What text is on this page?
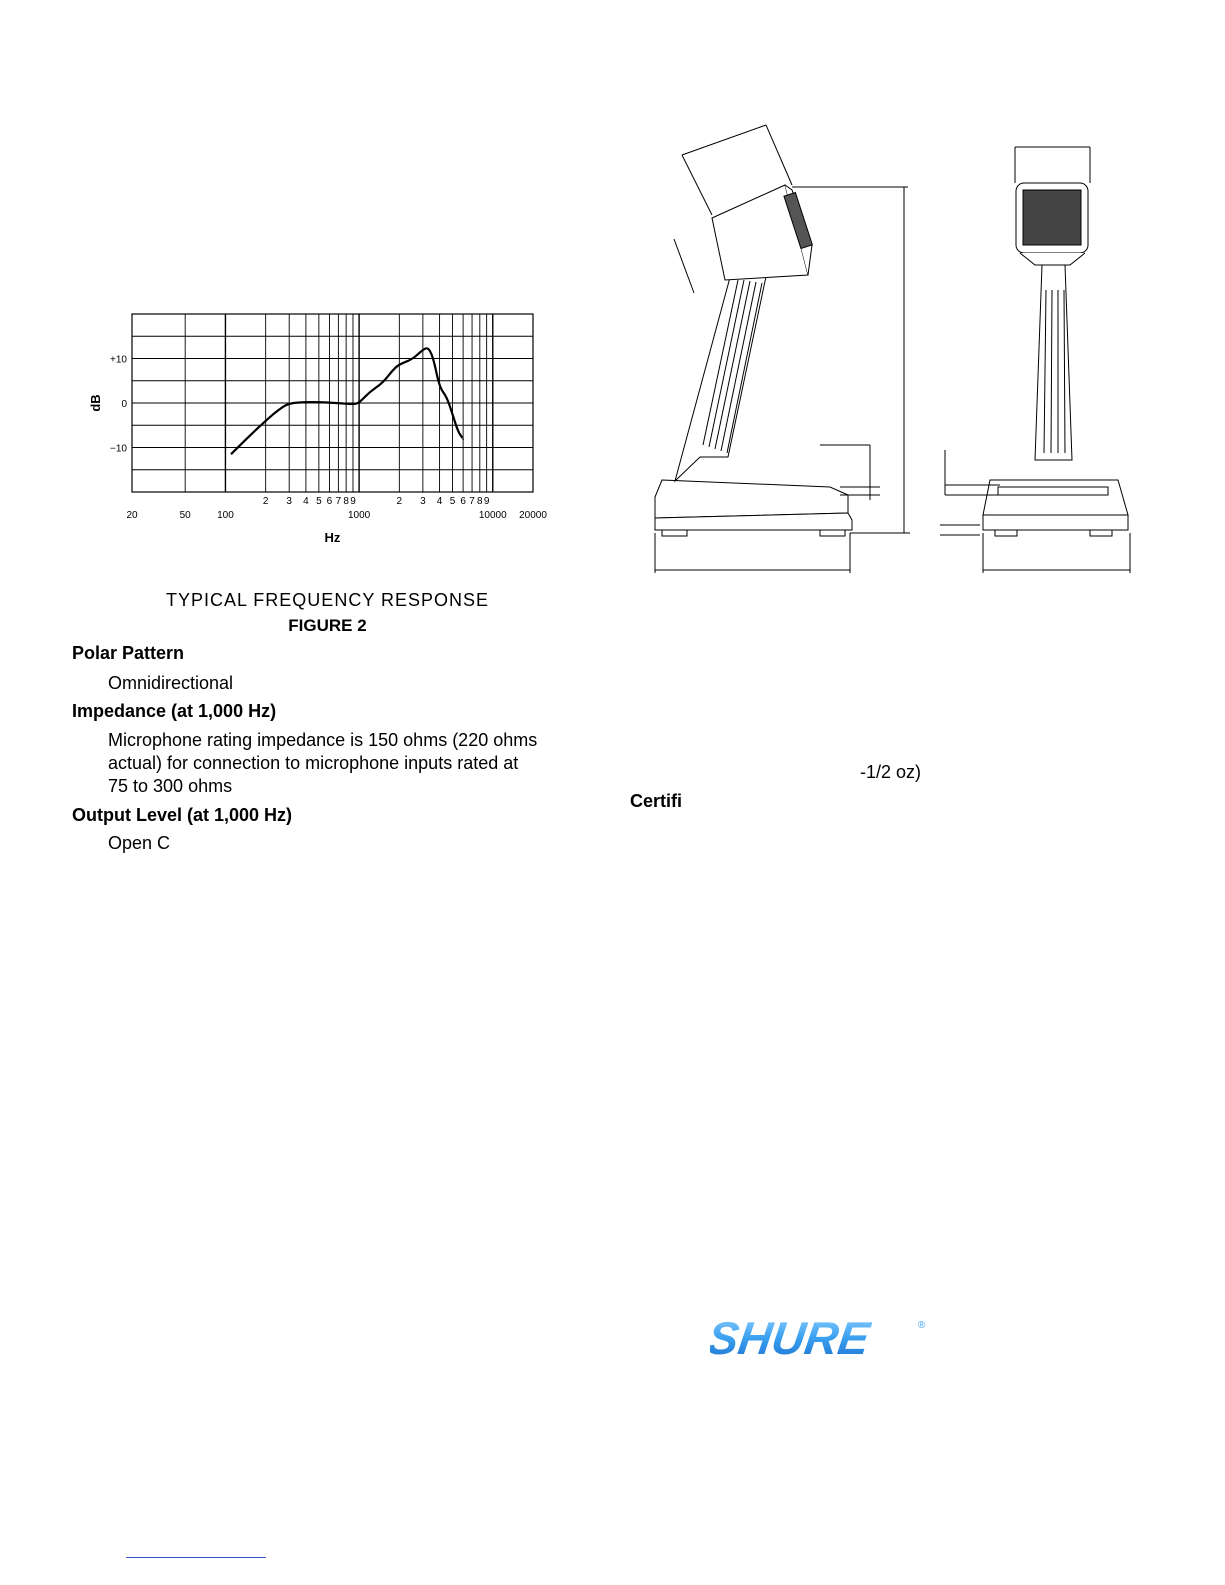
+10
0
−10
20	50	100	1000	10000 20000
2 3 4 5 6 7 8 9	2 3 4 5 6 7 8 9
Hz
dB
TYPICAL FREQUENCY RESPONSE
FIGURE 2
Polar Pattern
Omnidirectional
Impedance (at 1,000 Hz)
Microphone rating impedance is 150 ohms (220 ohms
actual) for connection to microphone inputs rated at
75 to 300 ohms
Output Level (at 1,000 Hz)
Open C
-1/2 oz)
Certifi
SHURE	®
